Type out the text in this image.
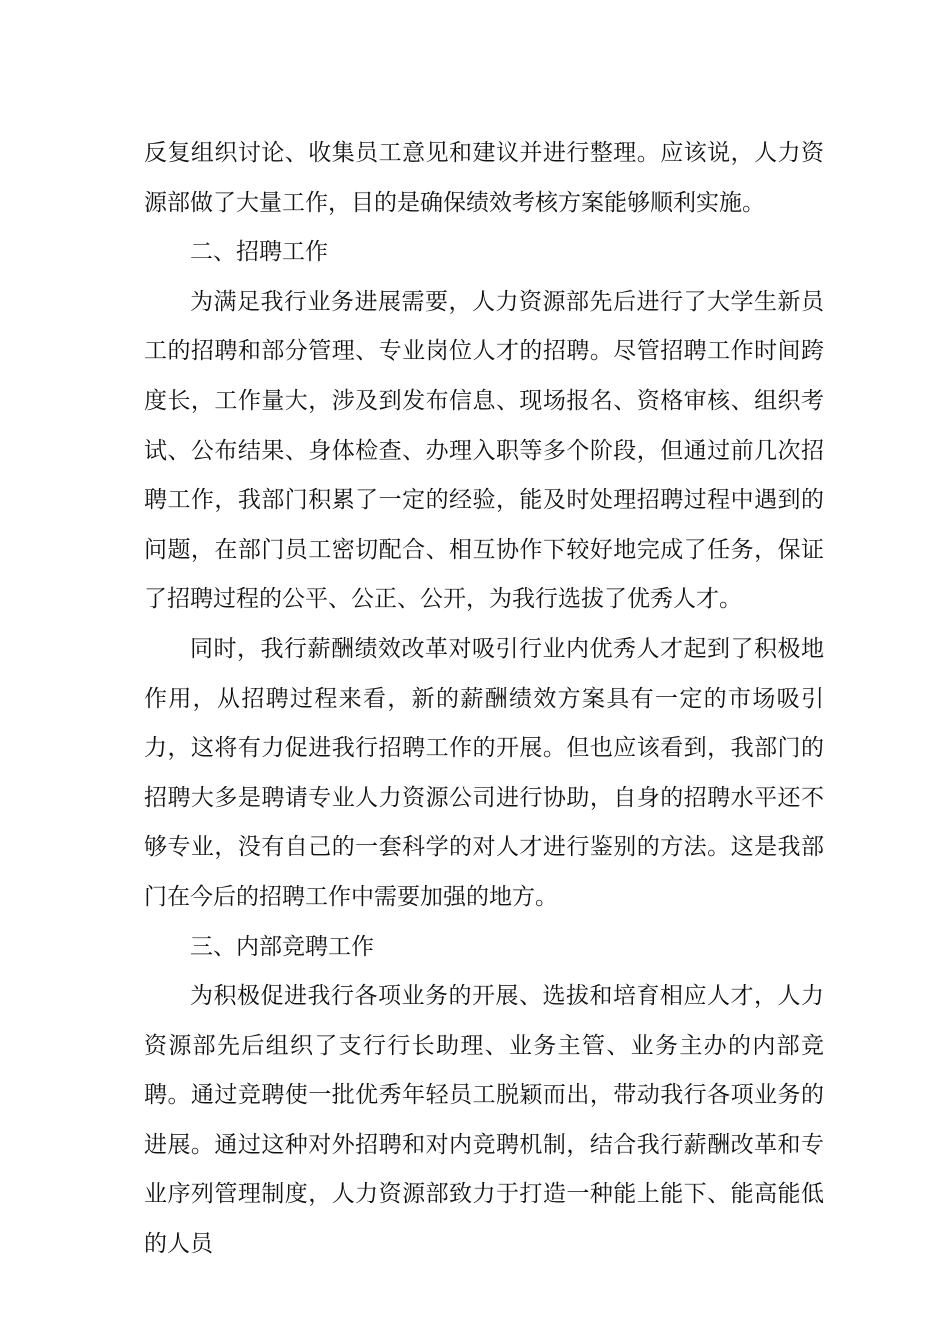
反复组织讨论、收集员工意见和建议并进行整理。应该说，人力资源部做了大量工作，目的是确保绩效考核方案能够顺利实施。

二、招聘工作

为满足我行业务进展需要，人力资源部先后进行了大学生新员工的招聘和部分管理、专业岗位人才的招聘。尽管招聘工作时间跨度长，工作量大，涉及到发布信息、现场报名、资格审核、组织考试、公布结果、身体检查、办理入职等多个阶段，但通过前几次招聘工作，我部门积累了一定的经验，能及时处理招聘过程中遇到的问题，在部门员工密切配合、相互协作下较好地完成了任务，保证了招聘过程的公平、公正、公开，为我行选拔了优秀人才。

同时，我行薪酬绩效改革对吸引行业内优秀人才起到了积极地作用，从招聘过程来看，新的薪酬绩效方案具有一定的市场吸引力，这将有力促进我行招聘工作的开展。但也应该看到，我部门的招聘大多是聘请专业人力资源公司进行协助，自身的招聘水平还不够专业，没有自己的一套科学的对人才进行鉴别的方法。这是我部门在今后的招聘工作中需要加强的地方。

三、内部竞聘工作

为积极促进我行各项业务的开展、选拔和培育相应人才，人力资源部先后组织了支行行长助理、业务主管、业务主办的内部竞聘。通过竞聘使一批优秀年轻员工脱颖而出，带动我行各项业务的进展。通过这种对外招聘和对内竞聘机制，结合我行薪酬改革和专业序列管理制度，人力资源部致力于打造一种能上能下、能高能低的人员
